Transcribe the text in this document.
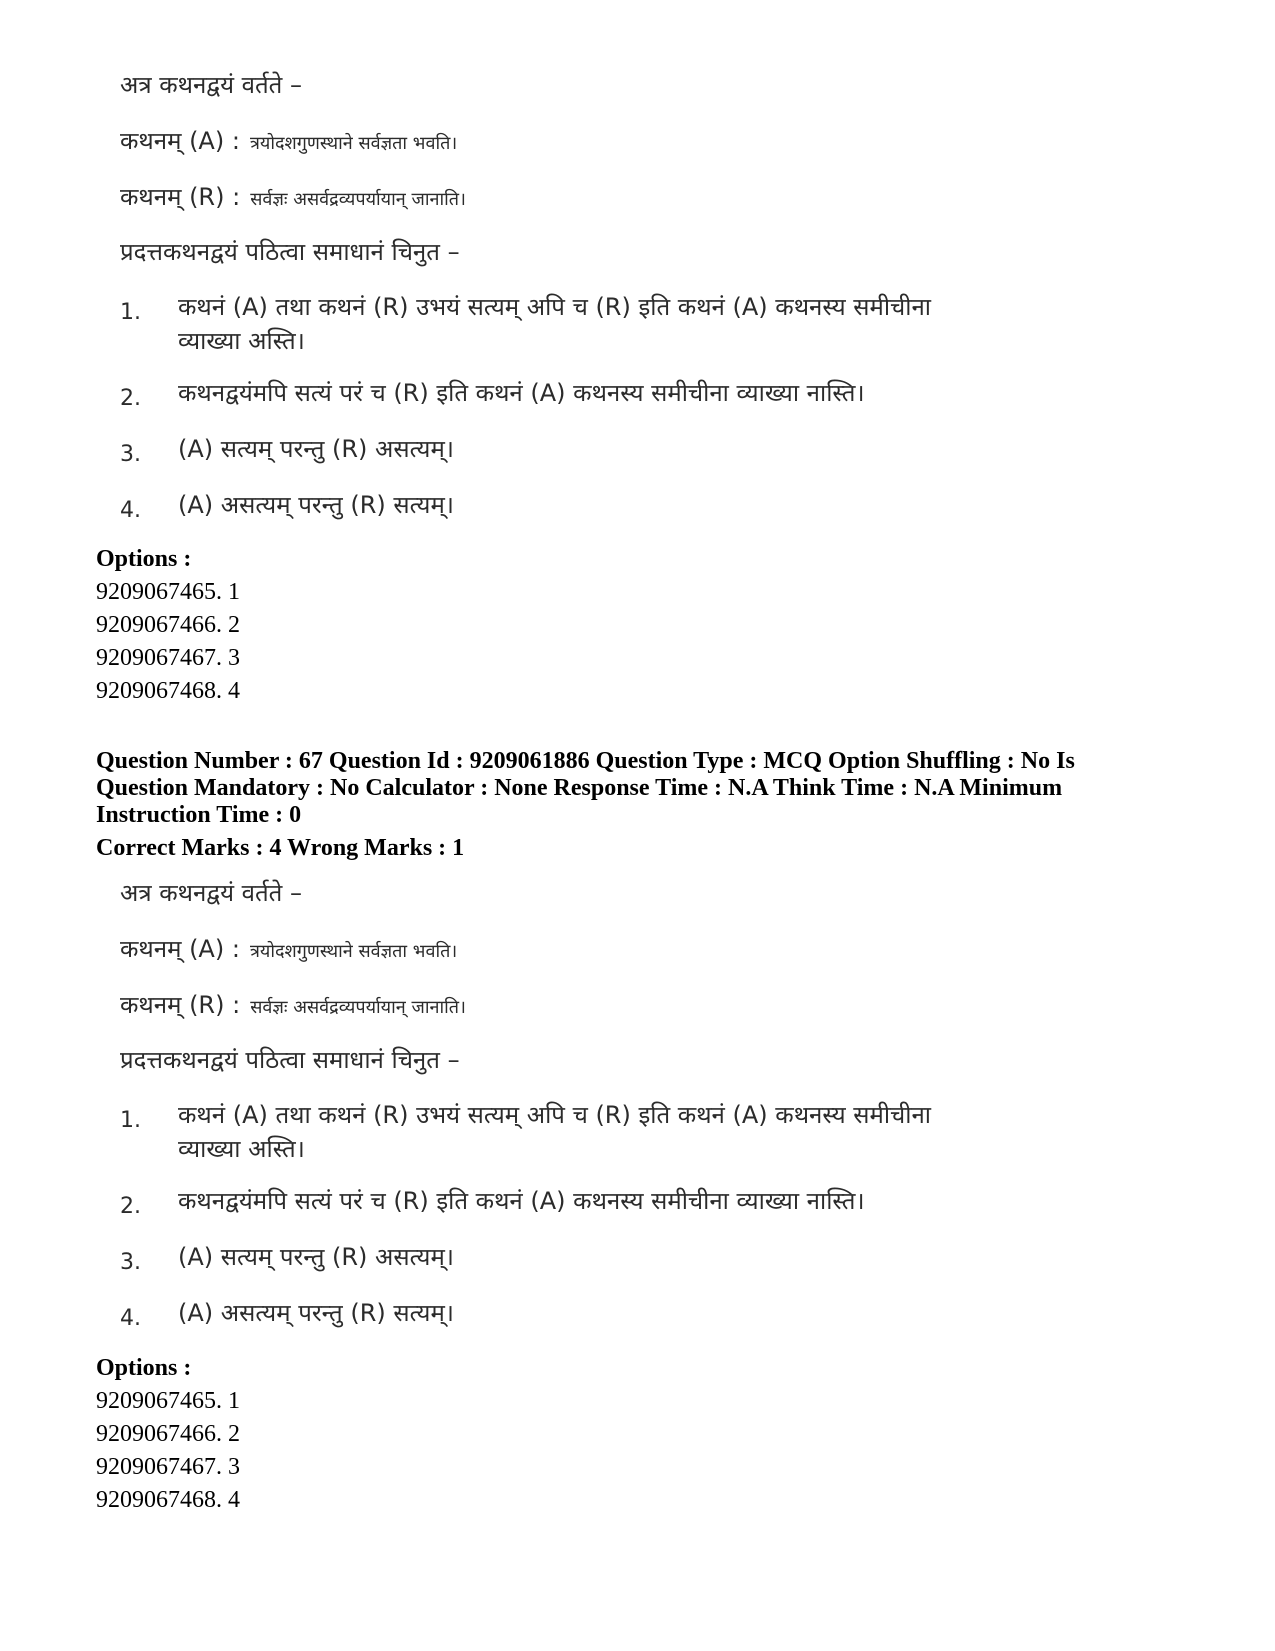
अत्र कथनद्वयं वर्तते –
कथनम् (A) : त्रयोदशगुणस्थाने सर्वज्ञता भवति।
कथनम् (R) : सर्वज्ञः असर्वद्रव्यपर्यायान् जानाति।
प्रदत्तकथनद्वयं पठित्वा समाधानं चिनुत –
1.	कथनं (A) तथा कथनं (R) उभयं सत्यम् अपि च (R) इति कथनं (A) कथनस्य समीचीना व्याख्या अस्ति।
2.	कथनद्वयंमपि सत्यं परं च (R) इति कथनं (A) कथनस्य समीचीना व्याख्या नास्ति।
3.	(A) सत्यम् परन्तु (R) असत्यम्।
4.	(A) असत्यम् परन्तु (R) सत्यम्।
Options :
9209067465. 1
9209067466. 2
9209067467. 3
9209067468. 4
Question Number : 67 Question Id : 9209061886 Question Type : MCQ Option Shuffling : No Is
Question Mandatory : No Calculator : None Response Time : N.A Think Time : N.A Minimum
Instruction Time : 0
Correct Marks : 4 Wrong Marks : 1
अत्र कथनद्वयं वर्तते –
कथनम् (A) : त्रयोदशगुणस्थाने सर्वज्ञता भवति।
कथनम् (R) : सर्वज्ञः असर्वद्रव्यपर्यायान् जानाति।
प्रदत्तकथनद्वयं पठित्वा समाधानं चिनुत –
1.	कथनं (A) तथा कथनं (R) उभयं सत्यम् अपि च (R) इति कथनं (A) कथनस्य समीचीना व्याख्या अस्ति।
2.	कथनद्वयंमपि सत्यं परं च (R) इति कथनं (A) कथनस्य समीचीना व्याख्या नास्ति।
3.	(A) सत्यम् परन्तु (R) असत्यम्।
4.	(A) असत्यम् परन्तु (R) सत्यम्।
Options :
9209067465. 1
9209067466. 2
9209067467. 3
9209067468. 4
